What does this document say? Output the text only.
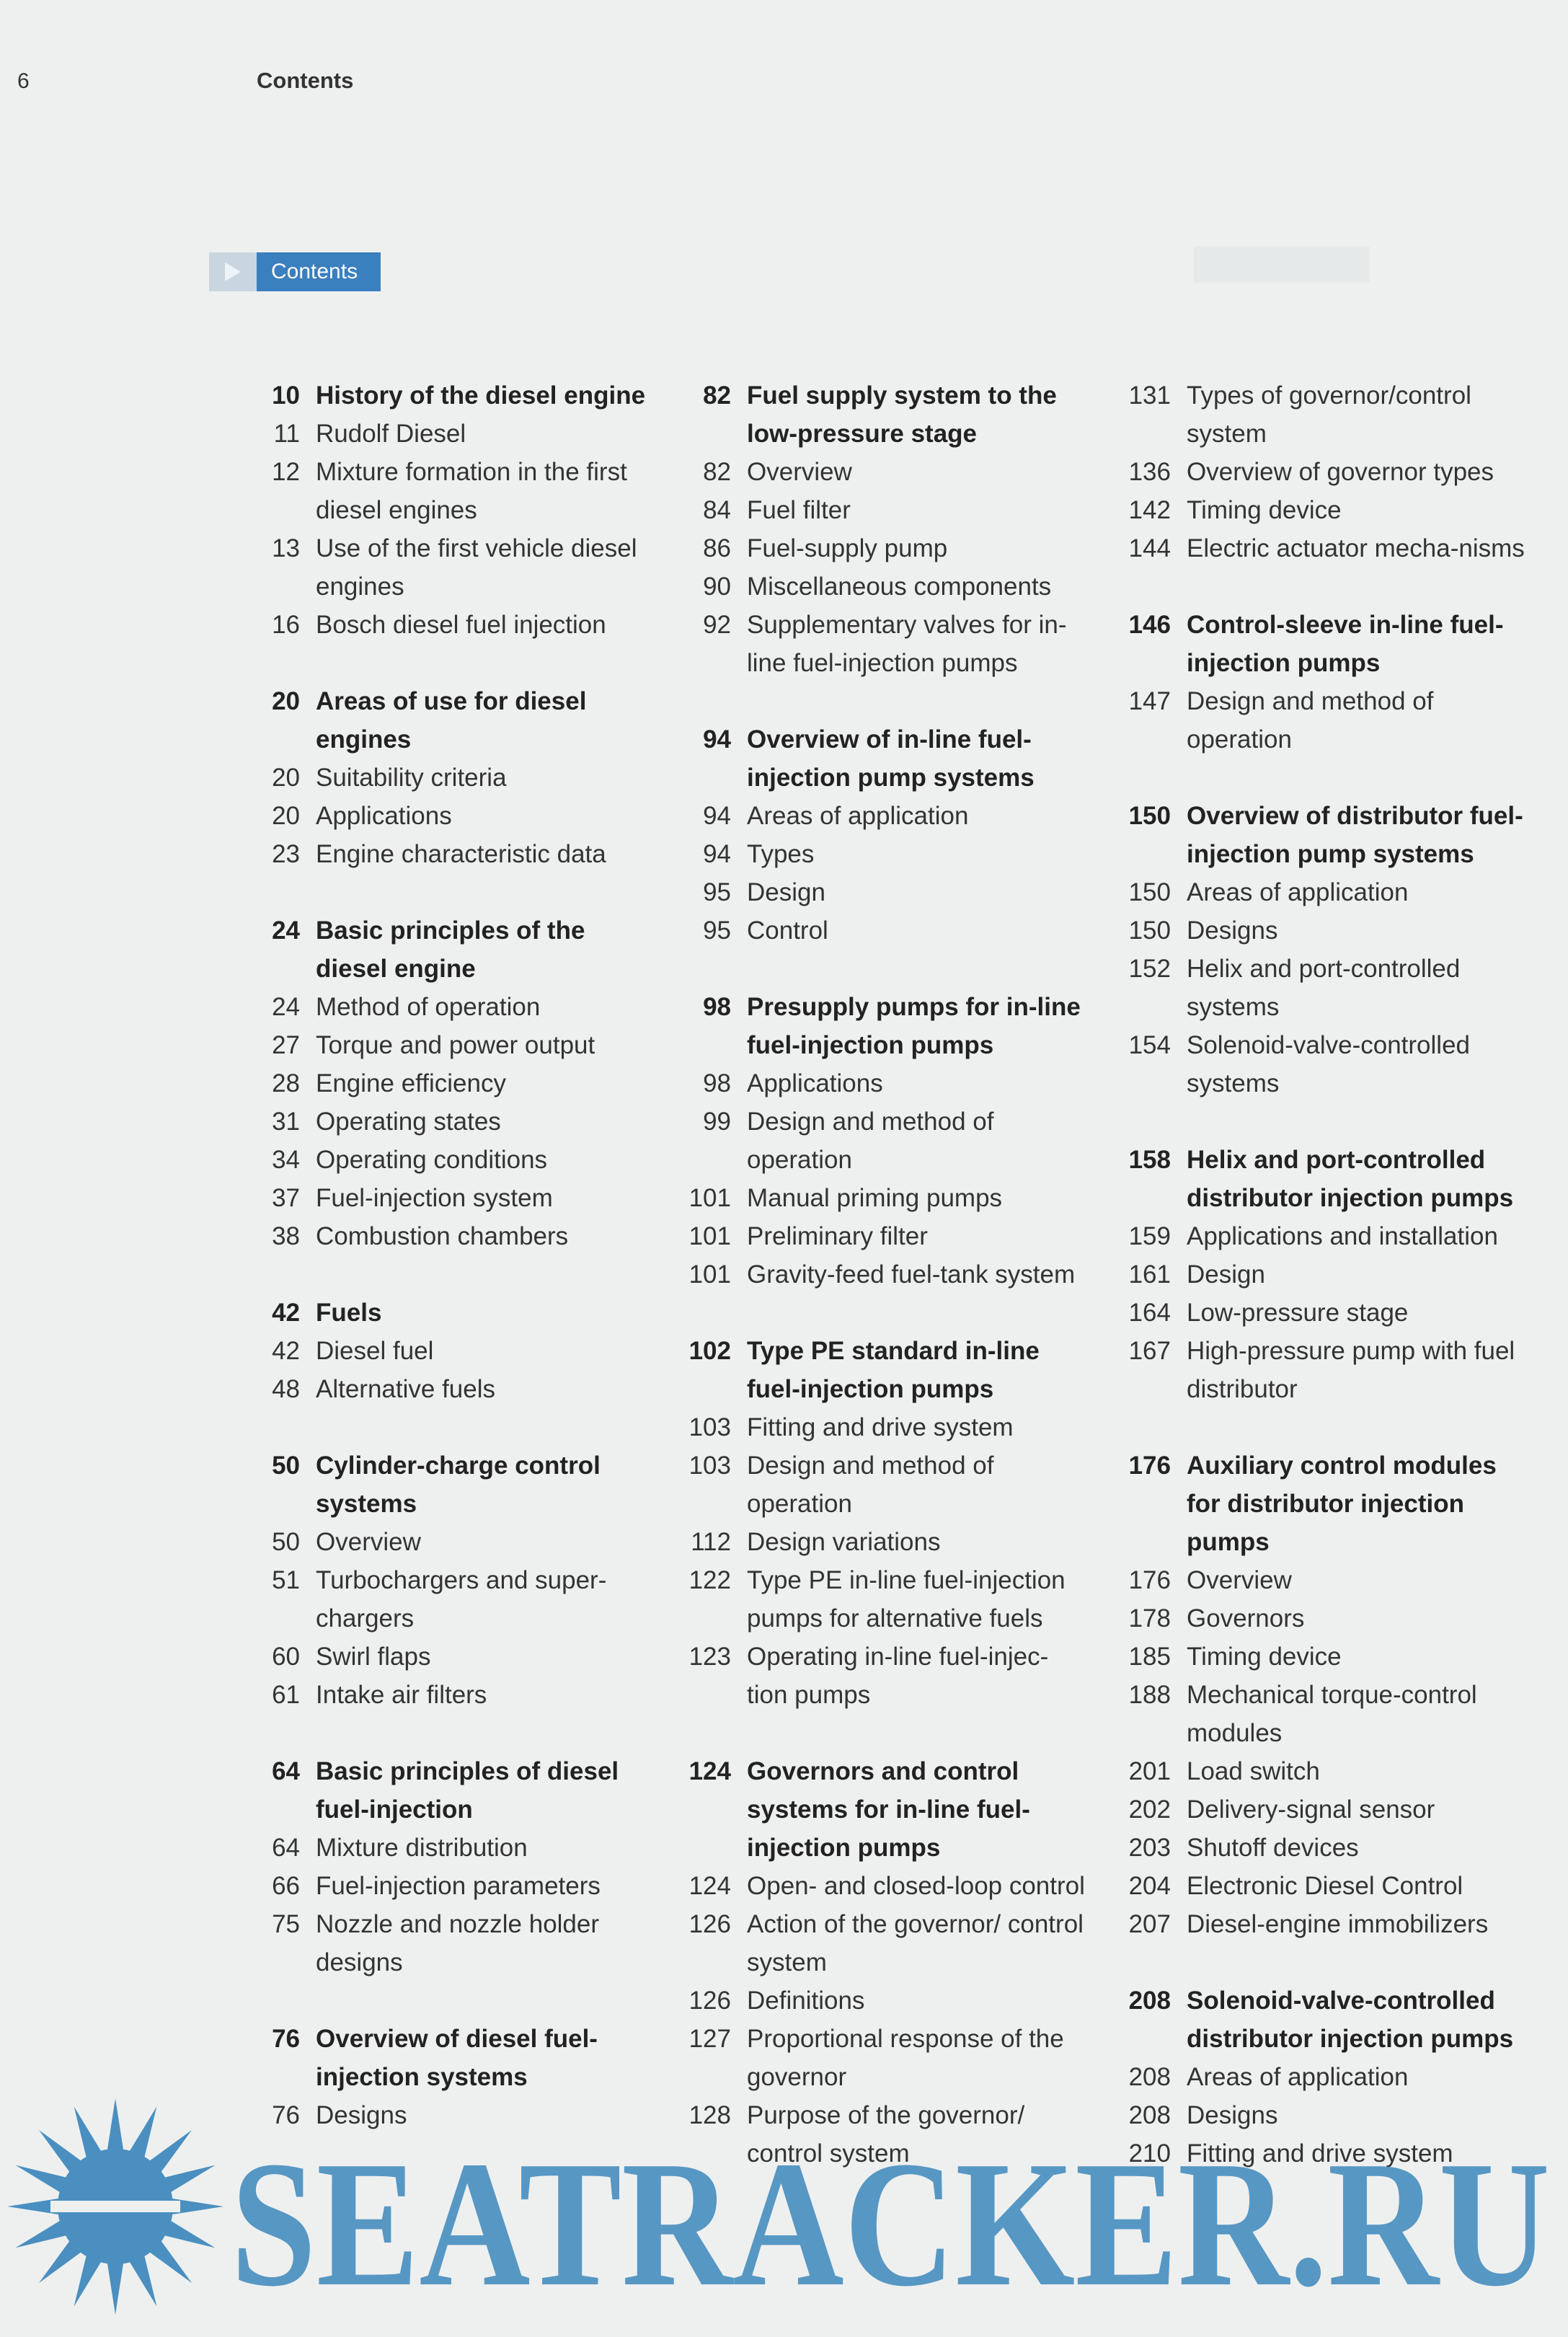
6	Contents
Contents
10 History of the diesel engine
11 Rudolf Diesel
12 Mixture formation in the first diesel engines
13 Use of the first vehicle diesel engines
16 Bosch diesel fuel injection
20 Areas of use for diesel engines
20 Suitability criteria
20 Applications
23 Engine characteristic data
24 Basic principles of the diesel engine
24 Method of operation
27 Torque and power output
28 Engine efficiency
31 Operating states
34 Operating conditions
37 Fuel-injection system
38 Combustion chambers
42 Fuels
42 Diesel fuel
48 Alternative fuels
50 Cylinder-charge control systems
50 Overview
51 Turbochargers and super-chargers
60 Swirl flaps
61 Intake air filters
64 Basic principles of diesel fuel-injection
64 Mixture distribution
66 Fuel-injection parameters
75 Nozzle and nozzle holder designs
76 Overview of diesel fuel-injection systems
76 Designs
82 Fuel supply system to the low-pressure stage
82 Overview
84 Fuel filter
86 Fuel-supply pump
90 Miscellaneous components
92 Supplementary valves for in-line fuel-injection pumps
94 Overview of in-line fuel-injection pump systems
94 Areas of application
94 Types
95 Design
95 Control
98 Presupply pumps for in-line fuel-injection pumps
98 Applications
99 Design and method of operation
101 Manual priming pumps
101 Preliminary filter
101 Gravity-feed fuel-tank system
102 Type PE standard in-line fuel-injection pumps
103 Fitting and drive system
103 Design and method of operation
112 Design variations
122 Type PE in-line fuel-injection pumps for alternative fuels
123 Operating in-line fuel-injec-tion pumps
124 Governors and control systems for in-line fuel-injection pumps
124 Open- and closed-loop control
126 Action of the governor/ control system
126 Definitions
127 Proportional response of the governor
128 Purpose of the governor/ control system
131 Types of governor/control system
136 Overview of governor types
142 Timing device
144 Electric actuator mecha-nisms
146 Control-sleeve in-line fuel-injection pumps
147 Design and method of operation
150 Overview of distributor fuel-injection pump systems
150 Areas of application
150 Designs
152 Helix and port-controlled systems
154 Solenoid-valve-controlled systems
158 Helix and port-controlled distributor injection pumps
159 Applications and installation
161 Design
164 Low-pressure stage
167 High-pressure pump with fuel distributor
176 Auxiliary control modules for distributor injection pumps
176 Overview
178 Governors
185 Timing device
188 Mechanical torque-control modules
201 Load switch
202 Delivery-signal sensor
203 Shutoff devices
204 Electronic Diesel Control
207 Diesel-engine immobilizers
208 Solenoid-valve-controlled distributor injection pumps
208 Areas of application
208 Designs
210 Fitting and drive system
SEATRACKER.RU
